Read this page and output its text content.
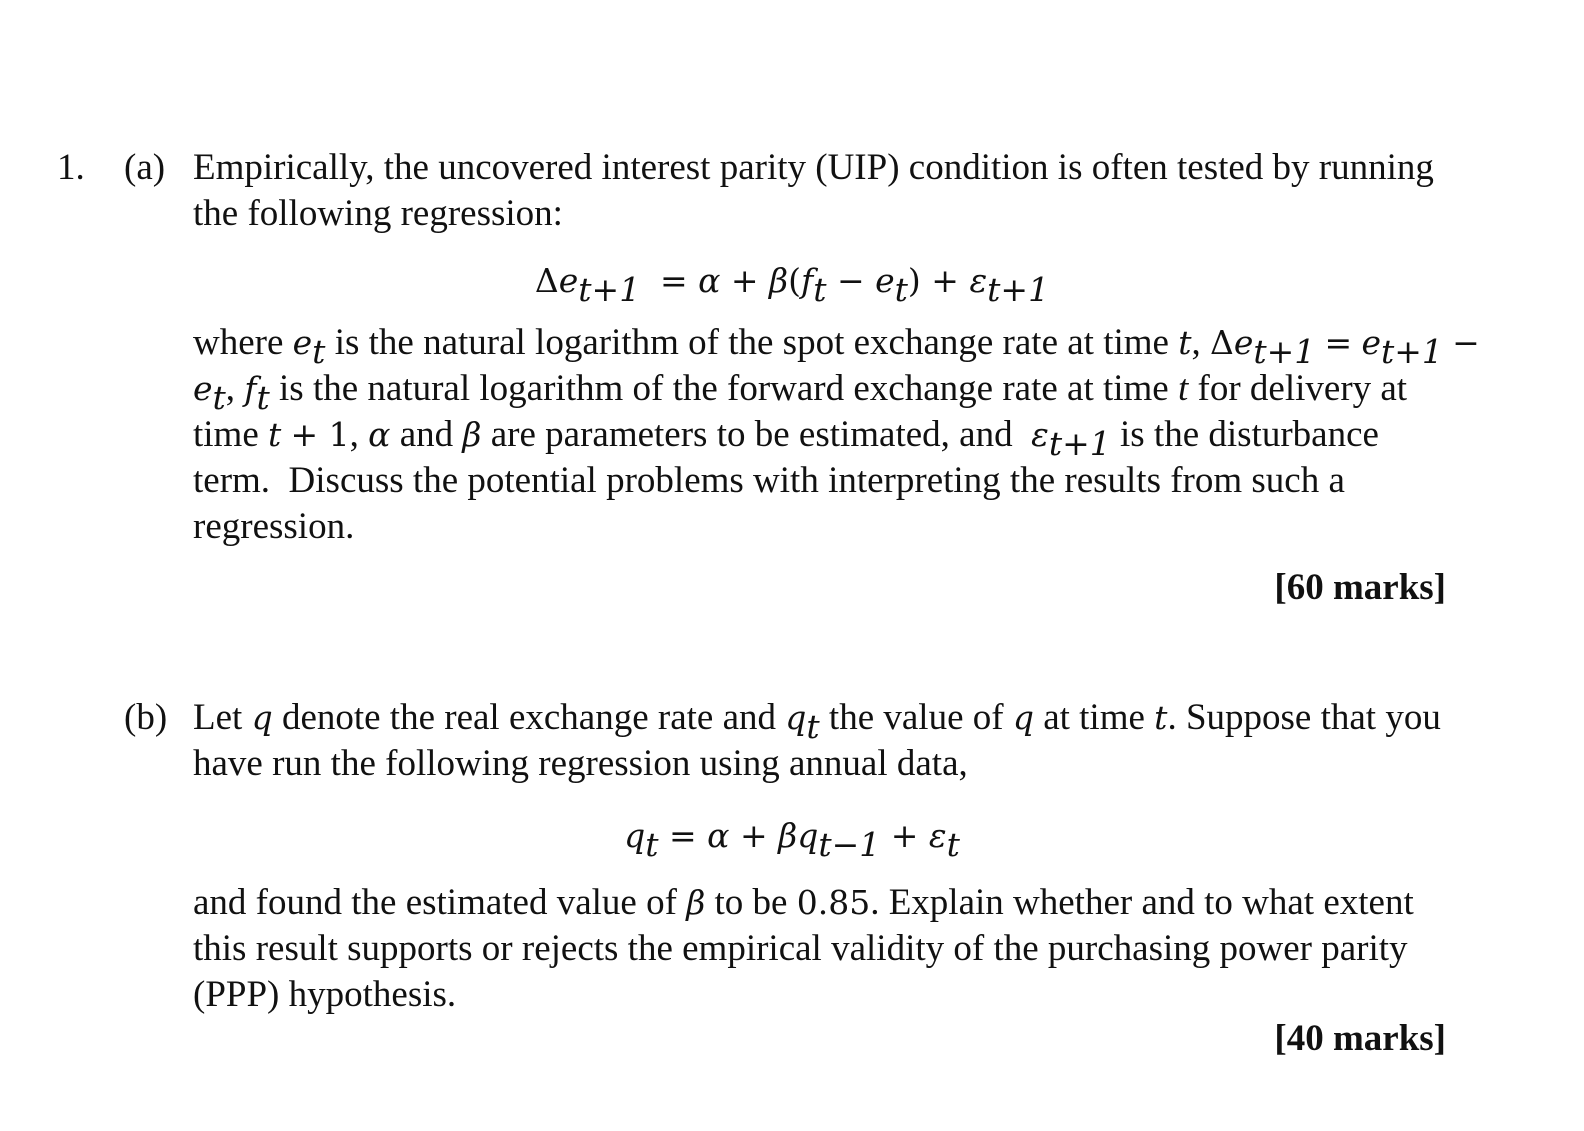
1. (a) Empirically, the uncovered interest parity (UIP) condition is often tested by running
the following regression:
$\Delta e_{t+1} = \alpha + \beta(f_t - e_t) + \varepsilon_{t+1}$
where $e_t$ is the natural logarithm of the spot exchange rate at time t, $\Delta e_{t+1} = e_{t+1}$ −
$e_t$, $f_t$ is the natural logarithm of the forward exchange rate at time t for delivery at
time t + 1, α and β are parameters to be estimated, and  $\varepsilon_{t+1}$ is the disturbance
term.  Discuss the potential problems with interpreting the results from such a
regression.
[60 marks]
(b) Let q denote the real exchange rate and $q_t$ the value of q at time t. Suppose that you
have run the following regression using annual data,
$q_t = \alpha + \beta q_{t-1} + \varepsilon_t$
and found the estimated value of β to be 0.85. Explain whether and to what extent
this result supports or rejects the empirical validity of the purchasing power parity
(PPP) hypothesis.
[40 marks]
